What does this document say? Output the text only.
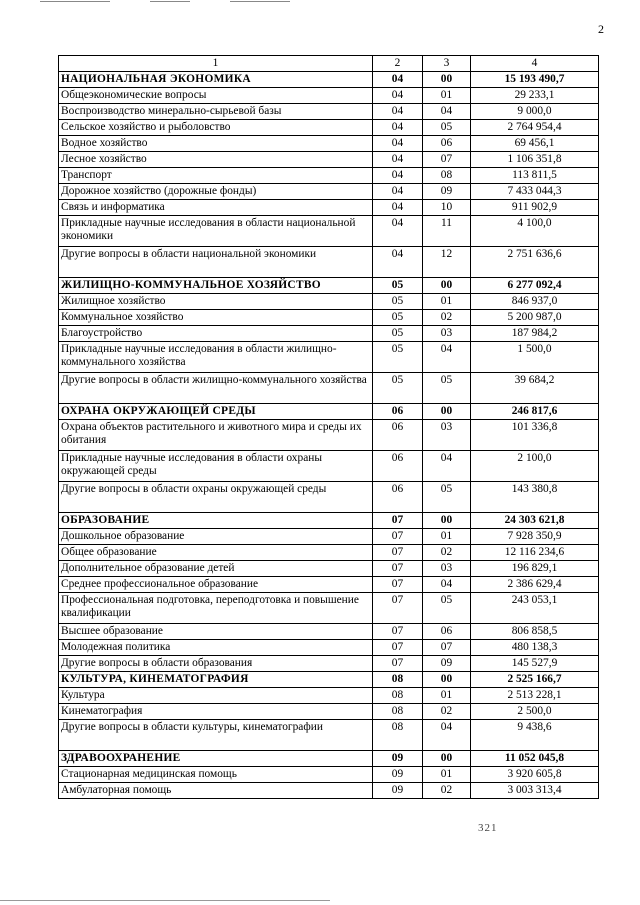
2
1	2	3	4
НАЦИОНАЛЬНАЯ ЭКОНОМИКА	04	00	15 193 490,7
Общеэкономические вопросы	04	01	29 233,1
Воспроизводство минерально-сырьевой базы	04	04	9 000,0
Сельское хозяйство и рыболовство	04	05	2 764 954,4
Водное хозяйство	04	06	69 456,1
Лесное хозяйство	04	07	1 106 351,8
Транспорт	04	08	113 811,5
Дорожное хозяйство (дорожные фонды)	04	09	7 433 044,3
Связь и информатика	04	10	911 902,9
Прикладные научные исследования в области национальной экономики	04	11	4 100,0
Другие вопросы в области национальной экономики	04	12	2 751 636,6
ЖИЛИЩНО-КОММУНАЛЬНОЕ ХОЗЯЙСТВО	05	00	6 277 092,4
Жилищное хозяйство	05	01	846 937,0
Коммунальное хозяйство	05	02	5 200 987,0
Благоустройство	05	03	187 984,2
Прикладные научные исследования в области жилищно- коммунального хозяйства	05	04	1 500,0
Другие вопросы в области жилищно-коммунального хозяйства	05	05	39 684,2
ОХРАНА ОКРУЖАЮЩЕЙ СРЕДЫ	06	00	246 817,6
Охрана объектов растительного и животного мира и среды их обитания	06	03	101 336,8
Прикладные научные исследования в области охраны окружающей среды	06	04	2 100,0
Другие вопросы в области охраны окружающей среды	06	05	143 380,8
ОБРАЗОВАНИЕ	07	00	24 303 621,8
Дошкольное образование	07	01	7 928 350,9
Общее образование	07	02	12 116 234,6
Дополнительное образование детей	07	03	196 829,1
Среднее профессиональное образование	07	04	2 386 629,4
Профессиональная подготовка, переподготовка и повышение квалификации	07	05	243 053,1
Высшее образование	07	06	806 858,5
Молодежная политика	07	07	480 138,3
Другие вопросы в области образования	07	09	145 527,9
КУЛЬТУРА, КИНЕМАТОГРАФИЯ	08	00	2 525 166,7
Культура	08	01	2 513 228,1
Кинематография	08	02	2 500,0
Другие вопросы в области культуры, кинематографии	08	04	9 438,6
ЗДРАВООХРАНЕНИЕ	09	00	11 052 045,8
Стационарная медицинская помощь	09	01	3 920 605,8
Амбулаторная помощь	09	02	3 003 313,4
321
